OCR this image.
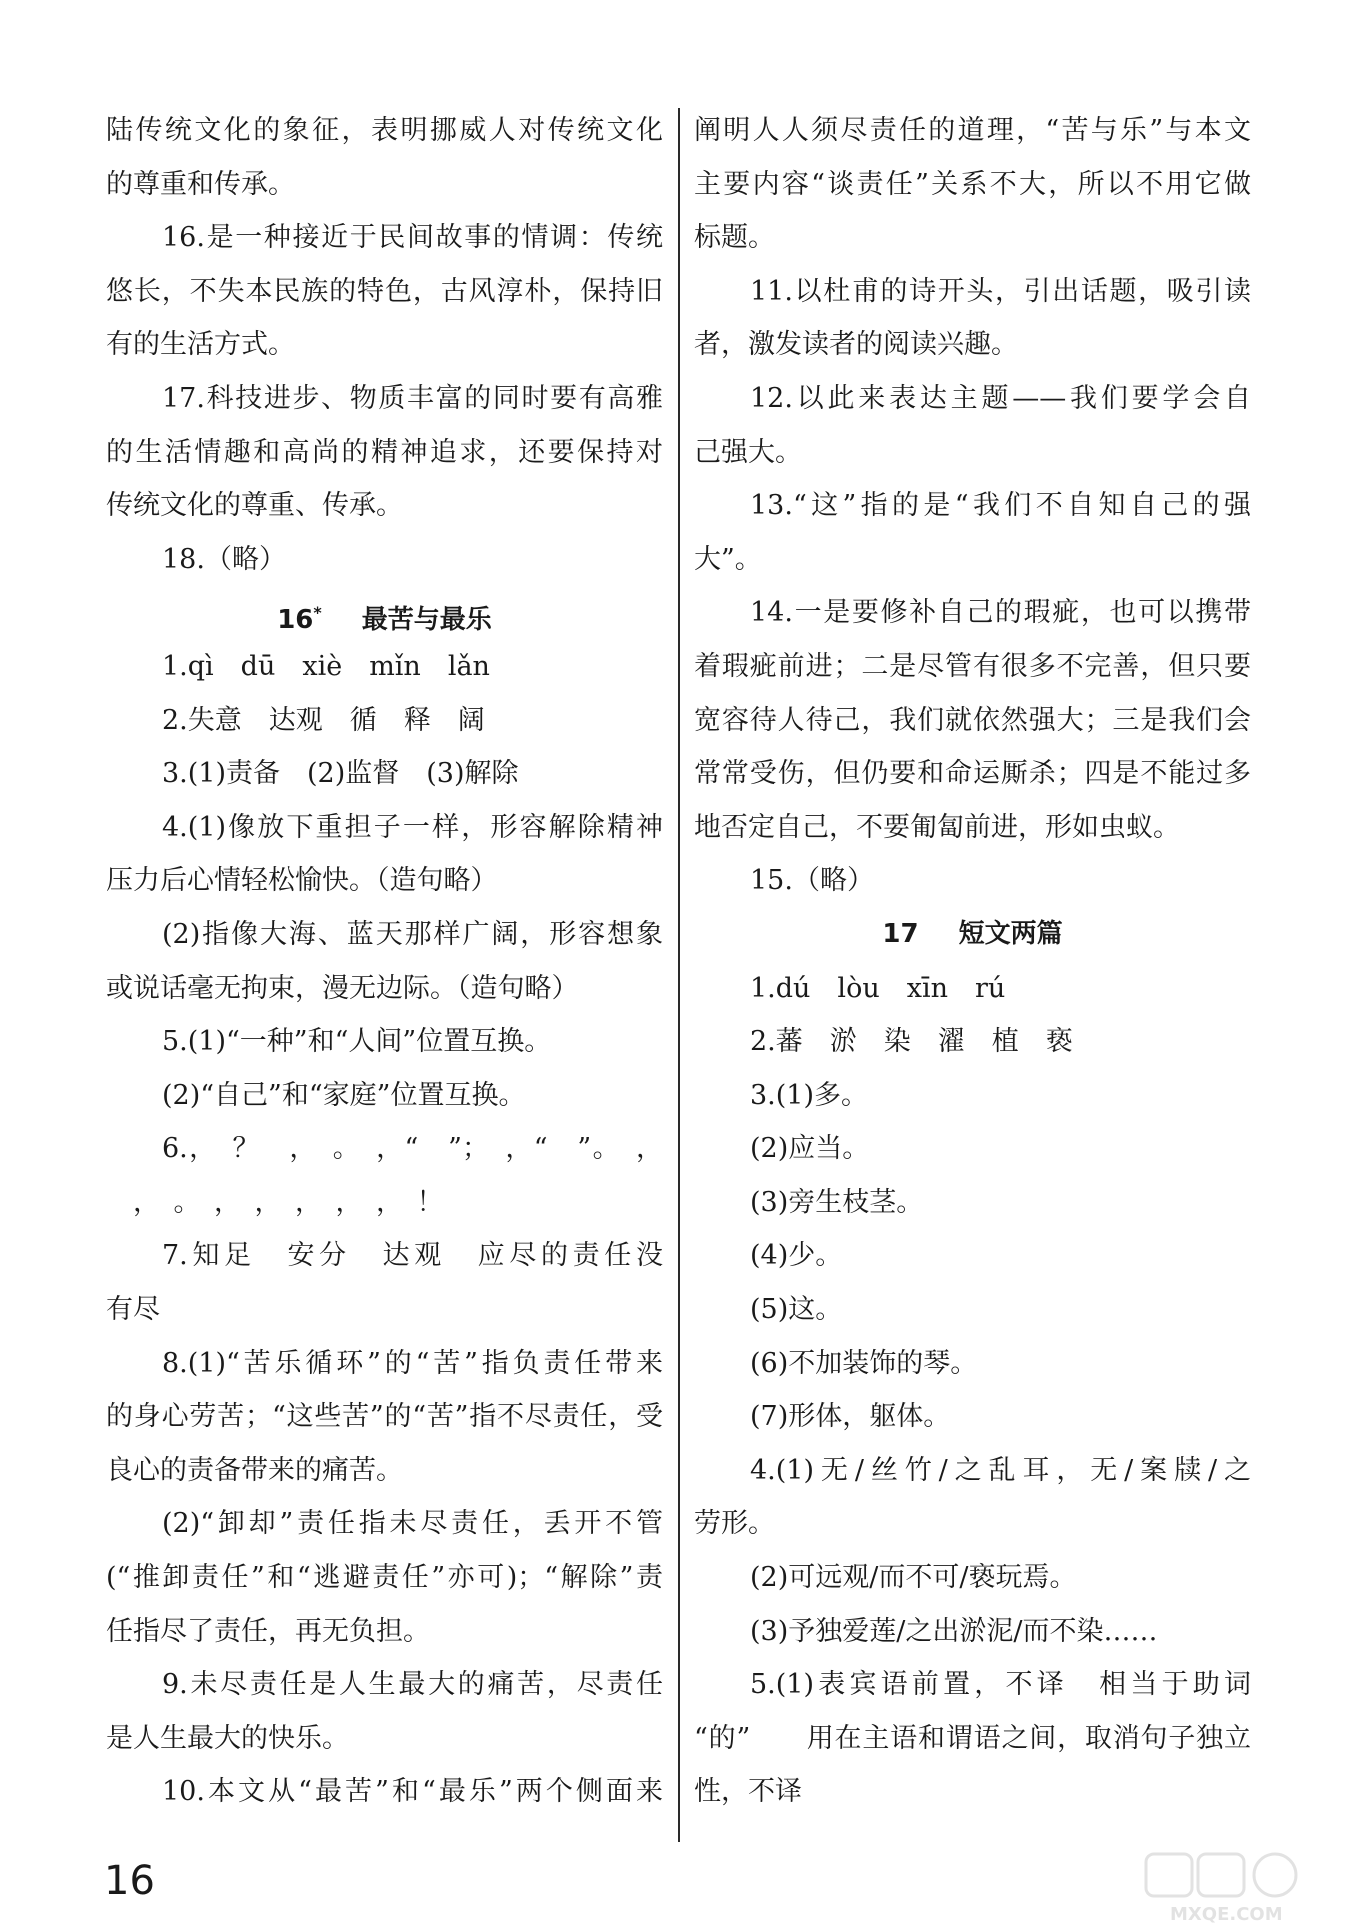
陆传统文化的象征，表明挪威人对传统文化
的尊重和传承。
16.是一种接近于民间故事的情调：传统
悠长，不失本民族的特色，古风淳朴，保持旧
有的生活方式。
17.科技进步、物质丰富的同时要有高雅
的生活情趣和高尚的精神追求，还要保持对
传统文化的尊重、传承。
18.（略）
16* 最苦与最乐
1.qì　dū　xiè　mǐn　lǎn
2.失意　达观　循　释　阔
3.(1)责备　(2)监督　(3)解除
4.(1)像放下重担子一样，形容解除精神
压力后心情轻松愉快。（造句略）
(2)指像大海、蓝天那样广阔，形容想象
或说话毫无拘束，漫无边际。（造句略）
5.(1)“一种”和“人间”位置互换。
(2)“自己”和“家庭”位置互换。
6.，　？　，　。　，“　”；　，“　”。　，
　，　。　，　，　，　，　，　！
7.知足　安分　达观　应尽的责任没
有尽
8.(1)“苦乐循环”的“苦”指负责任带来
的身心劳苦；“这些苦”的“苦”指不尽责任，受
良心的责备带来的痛苦。
(2)“卸却”责任指未尽责任，丢开不管
(“推卸责任”和“逃避责任”亦可)；“解除”责
任指尽了责任，再无负担。
9.未尽责任是人生最大的痛苦，尽责任
是人生最大的快乐。
10.本文从“最苦”和“最乐”两个侧面来
阐明人人须尽责任的道理，“苦与乐”与本文
主要内容“谈责任”关系不大，所以不用它做
标题。
11.以杜甫的诗开头，引出话题，吸引读
者，激发读者的阅读兴趣。
12.以此来表达主题——我们要学会自
己强大。
13.“这”指的是“我们不自知自己的强
大”。
14.一是要修补自己的瑕疵，也可以携带
着瑕疵前进；二是尽管有很多不完善，但只要
宽容待人待己，我们就依然强大；三是我们会
常常受伤，但仍要和命运厮杀；四是不能过多
地否定自己，不要匍匐前进，形如虫蚁。
15.（略）
17 短文两篇
1.dú　lòu　xīn　rú
2.蕃　淤　染　濯　植　亵
3.(1)多。
(2)应当。
(3)旁生枝茎。
(4)少。
(5)这。
(6)不加装饰的琴。
(7)形体，躯体。
4.(1)无/丝竹/之乱耳，无/案牍/之
劳形。
(2)可远观/而不可/亵玩焉。
(3)予独爱莲/之出淤泥/而不染……
5.(1)表宾语前置，不译　相当于助词
“的”　　用在主语和谓语之间，取消句子独立
性，不译
16
MXQE.COM
